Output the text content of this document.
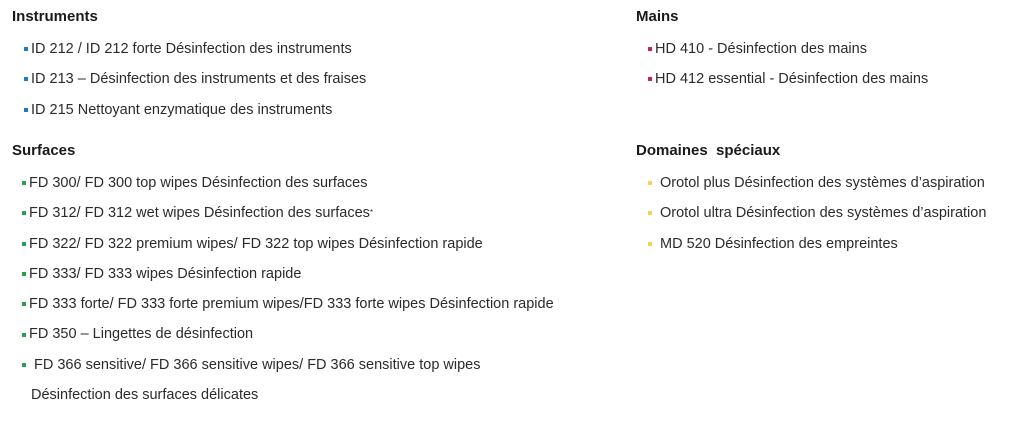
Instruments
ID 212 / ID 212 forte Désinfection des instruments
ID 213 – Désinfection des instruments et des fraises
ID 215 Nettoyant enzymatique des instruments
Surfaces
FD 300/ FD 300 top wipes Désinfection des surfaces
FD 312/ FD 312 wet wipes Désinfection des surfaces *
FD 322/ FD 322 premium wipes/ FD 322 top wipes Désinfection rapide
FD 333/ FD 333 wipes Désinfection rapide
FD 333 forte/ FD 333 forte premium wipes/FD 333 forte wipes Désinfection rapide
FD 350 – Lingettes de désinfection
FD 366 sensitive/ FD 366 sensitive wipes/ FD 366 sensitive top wipes
Désinfection des surfaces délicates
Mains
HD 410 - Désinfection des mains
HD 412 essential - Désinfection des mains
Domaines  spéciaux
Orotol plus Désinfection des systèmes d’aspiration
Orotol ultra Désinfection des systèmes d’aspiration
MD 520 Désinfection des empreintes
